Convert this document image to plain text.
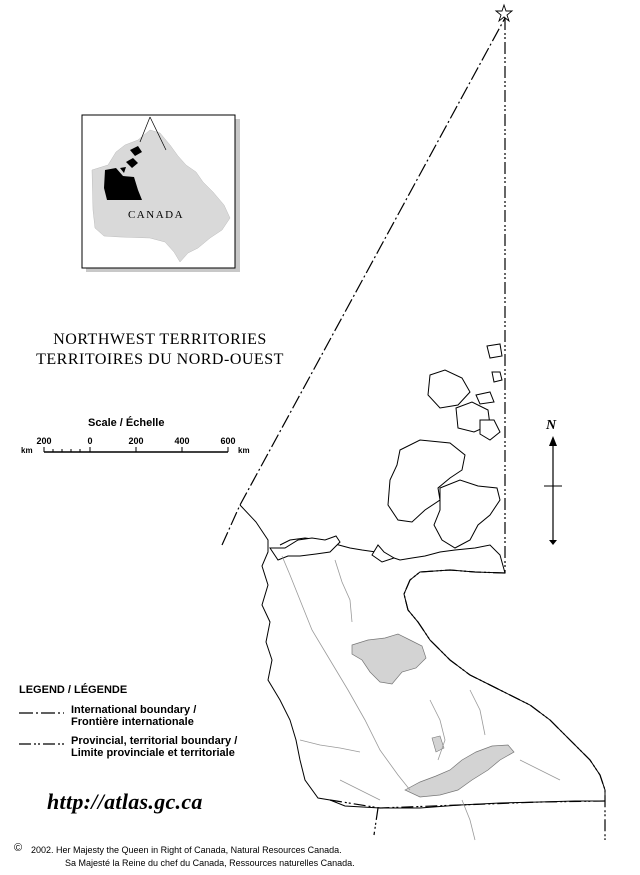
CANADA
NORTHWEST TERRITORIES
TERRITOIRES DU NORD-OUEST
Scale / Échelle
km
200	0	200	400	600
km
N
LEGEND / LÉGENDE
International boundary /
Frontière internationale
Provincial, territorial boundary /
Limite provinciale et territoriale
http://atlas.gc.ca
© 2002. Her Majesty the Queen in Right of Canada, Natural Resources Canada.
Sa Majesté la Reine du chef du Canada, Ressources naturelles Canada.
